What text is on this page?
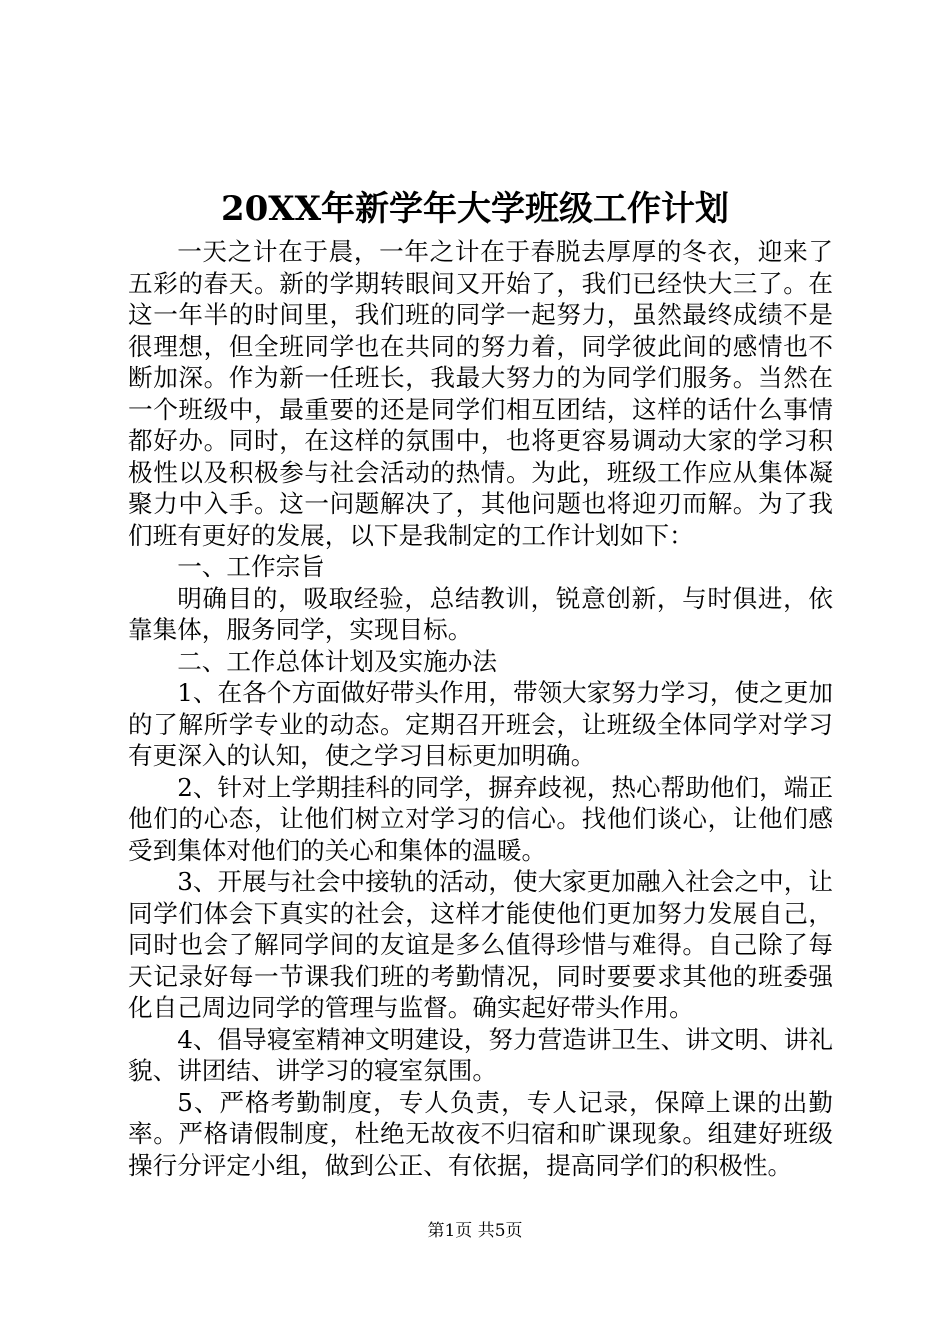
20XX年新学年大学班级工作计划

一天之计在于晨，一年之计在于春脱去厚厚的冬衣，迎来了五彩的春天。新的学期转眼间又开始了，我们已经快大三了。在这一年半的时间里，我们班的同学一起努力，虽然最终成绩不是很理想，但全班同学也在共同的努力着，同学彼此间的感情也不断加深。作为新一任班长，我最大努力的为同学们服务。当然在一个班级中，最重要的还是同学们相互团结，这样的话什么事情都好办。同时，在这样的氛围中，也将更容易调动大家的学习积极性以及积极参与社会活动的热情。为此，班级工作应从集体凝聚力中入手。这一问题解决了，其他问题也将迎刃而解。为了我们班有更好的发展，以下是我制定的工作计划如下：

一、工作宗旨

明确目的，吸取经验，总结教训，锐意创新，与时俱进，依靠集体，服务同学，实现目标。

二、工作总体计划及实施办法

1、在各个方面做好带头作用，带领大家努力学习，使之更加的了解所学专业的动态。定期召开班会，让班级全体同学对学习有更深入的认知，使之学习目标更加明确。

2、针对上学期挂科的同学，摒弃歧视，热心帮助他们，端正他们的心态，让他们树立对学习的信心。找他们谈心，让他们感受到集体对他们的关心和集体的温暖。

3、开展与社会中接轨的活动，使大家更加融入社会之中，让同学们体会下真实的社会，这样才能使他们更加努力发展自己，同时也会了解同学间的友谊是多么值得珍惜与难得。自己除了每天记录好每一节课我们班的考勤情况，同时要要求其他的班委强化自己周边同学的管理与监督。确实起好带头作用。

4、倡导寝室精神文明建设，努力营造讲卫生、讲文明、讲礼貌、讲团结、讲学习的寝室氛围。

5、严格考勤制度，专人负责，专人记录，保障上课的出勤率。严格请假制度，杜绝无故夜不归宿和旷课现象。组建好班级操行分评定小组，做到公正、有依据，提高同学们的积极性。

第1页 共5页
